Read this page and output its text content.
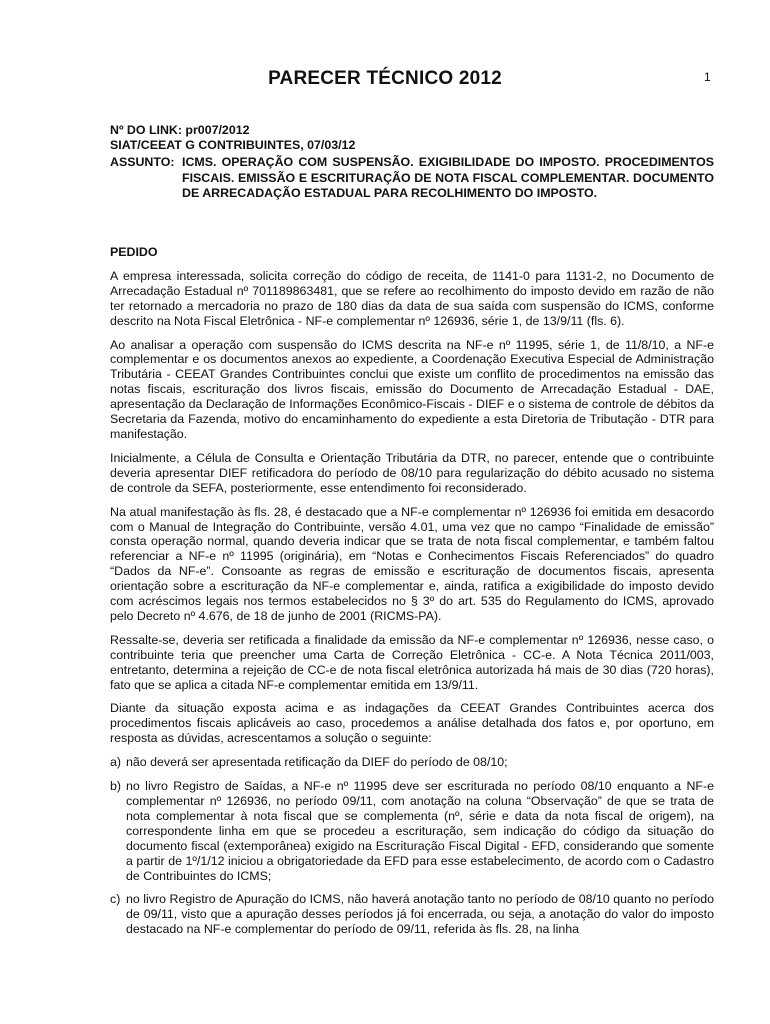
PARECER TÉCNICO 2012	1

Nº DO LINK: pr007/2012

SIAT/CEEAT G CONTRIBUINTES, 07/03/12

ASSUNTO: ICMS. OPERAÇÃO COM SUSPENSÃO. EXIGIBILIDADE DO IMPOSTO. PROCEDIMENTOS FISCAIS. EMISSÃO E ESCRITURAÇÃO DE NOTA FISCAL COMPLEMENTAR. DOCUMENTO DE ARRECADAÇÃO ESTADUAL PARA RECOLHIMENTO DO IMPOSTO.

PEDIDO

A empresa interessada, solicita correção do código de receita, de 1141-0 para 1131-2, no Documento de Arrecadação Estadual nº 701189863481, que se refere ao recolhimento do imposto devido em razão de não ter retornado a mercadoria no prazo de 180 dias da data de sua saída com suspensão do ICMS, conforme descrito na Nota Fiscal Eletrônica - NF-e complementar nº 126936, série 1, de 13/9/11 (fls. 6).

Ao analisar a operação com suspensão do ICMS descrita na NF-e nº 11995, série 1, de 11/8/10, a NF-e complementar e os documentos anexos ao expediente, a Coordenação Executiva Especial de Administração Tributária - CEEAT Grandes Contribuintes conclui que existe um conflito de procedimentos na emissão das notas fiscais, escrituração dos livros fiscais, emissão do Documento de Arrecadação Estadual - DAE, apresentação da Declaração de Informações Econômico-Fiscais - DIEF e o sistema de controle de débitos da Secretaria da Fazenda, motivo do encaminhamento do expediente a esta Diretoria de Tributação - DTR para manifestação.

Inicialmente, a Célula de Consulta e Orientação Tributária da DTR, no parecer, entende que o contribuinte deveria apresentar DIEF retificadora do período de 08/10 para regularização do débito acusado no sistema de controle da SEFA, posteriormente, esse entendimento foi reconsiderado.

Na atual manifestação às fls. 28, é destacado que a NF-e complementar nº 126936 foi emitida em desacordo com o Manual de Integração do Contribuinte, versão 4.01, uma vez que no campo “Finalidade de emissão” consta operação normal, quando deveria indicar que se trata de nota fiscal complementar, e também faltou referenciar a NF-e nº 11995 (originária), em “Notas e Conhecimentos Fiscais Referenciados” do quadro “Dados da NF-e”. Consoante as regras de emissão e escrituração de documentos fiscais, apresenta orientação sobre a escrituração da NF-e complementar e, ainda, ratifica a exigibilidade do imposto devido com acréscimos legais nos termos estabelecidos no § 3º do art. 535 do Regulamento do ICMS, aprovado pelo Decreto nº 4.676, de 18 de junho de 2001 (RICMS-PA).

Ressalte-se, deveria ser retificada a finalidade da emissão da NF-e complementar nº 126936, nesse caso, o contribuinte teria que preencher uma Carta de Correção Eletrônica - CC-e. A Nota Técnica 2011/003, entretanto, determina a rejeição de CC-e de nota fiscal eletrônica autorizada há mais de 30 dias (720 horas), fato que se aplica a citada NF-e complementar emitida em 13/9/11.

Diante da situação exposta acima e as indagações da CEEAT Grandes Contribuintes acerca dos procedimentos fiscais aplicáveis ao caso, procedemos a análise detalhada dos fatos e, por oportuno, em resposta as dúvidas, acrescentamos a solução o seguinte:

a) não deverá ser apresentada retificação da DIEF do período de 08/10;
b) no livro Registro de Saídas, a NF-e nº 11995 deve ser escriturada no período 08/10 enquanto a NF-e complementar nº 126936, no período 09/11, com anotação na coluna “Observação” de que se trata de nota complementar à nota fiscal que se complementa (nº, série e data da nota fiscal de origem), na correspondente linha em que se procedeu a escrituração, sem indicação do código da situação do documento fiscal (extemporânea) exigido na Escrituração Fiscal Digital - EFD, considerando que somente a partir de 1º/1/12 iniciou a obrigatoriedade da EFD para esse estabelecimento, de acordo com o Cadastro de Contribuintes do ICMS;
c) no livro Registro de Apuração do ICMS, não haverá anotação tanto no período de 08/10 quanto no período de 09/11, visto que a apuração desses períodos já foi encerrada, ou seja, a anotação do valor do imposto destacado na NF-e complementar do período de 09/11, referida às fls. 28, na linha
